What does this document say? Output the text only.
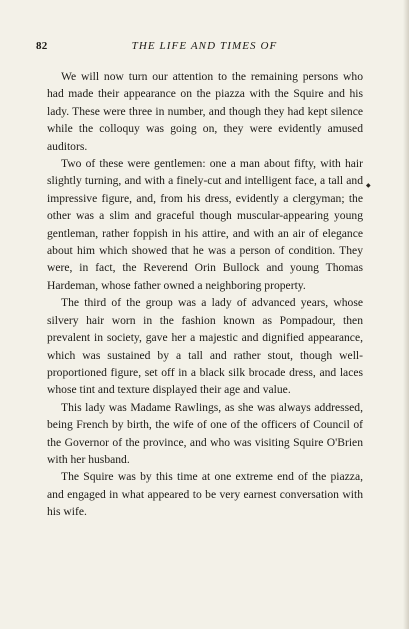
82	THE LIFE AND TIMES OF

We will now turn our attention to the remaining persons who had made their appearance on the piazza with the Squire and his lady. These were three in number, and though they had kept silence while the colloquy was going on, they were evidently amused auditors.

Two of these were gentlemen: one a man about fifty, with hair slightly turning, and with a finely-cut and intelligent face, a tall and impressive figure, and, from his dress, evidently a clergyman; the other was a slim and graceful though muscular-appearing young gentleman, rather foppish in his attire, and with an air of elegance about him which showed that he was a person of condition. They were, in fact, the Reverend Orin Bullock and young Thomas Hardeman, whose father owned a neighboring property.

The third of the group was a lady of advanced years, whose silvery hair worn in the fashion known as Pompadour, then prevalent in society, gave her a majestic and dignified appearance, which was sustained by a tall and rather stout, though well-proportioned figure, set off in a black silk brocade dress, and laces whose tint and texture displayed their age and value.

This lady was Madame Rawlings, as she was always addressed, being French by birth, the wife of one of the officers of Council of the Governor of the province, and who was visiting Squire O'Brien with her husband.

The Squire was by this time at one extreme end of the piazza, and engaged in what appeared to be very earnest conversation with his wife.

◆
